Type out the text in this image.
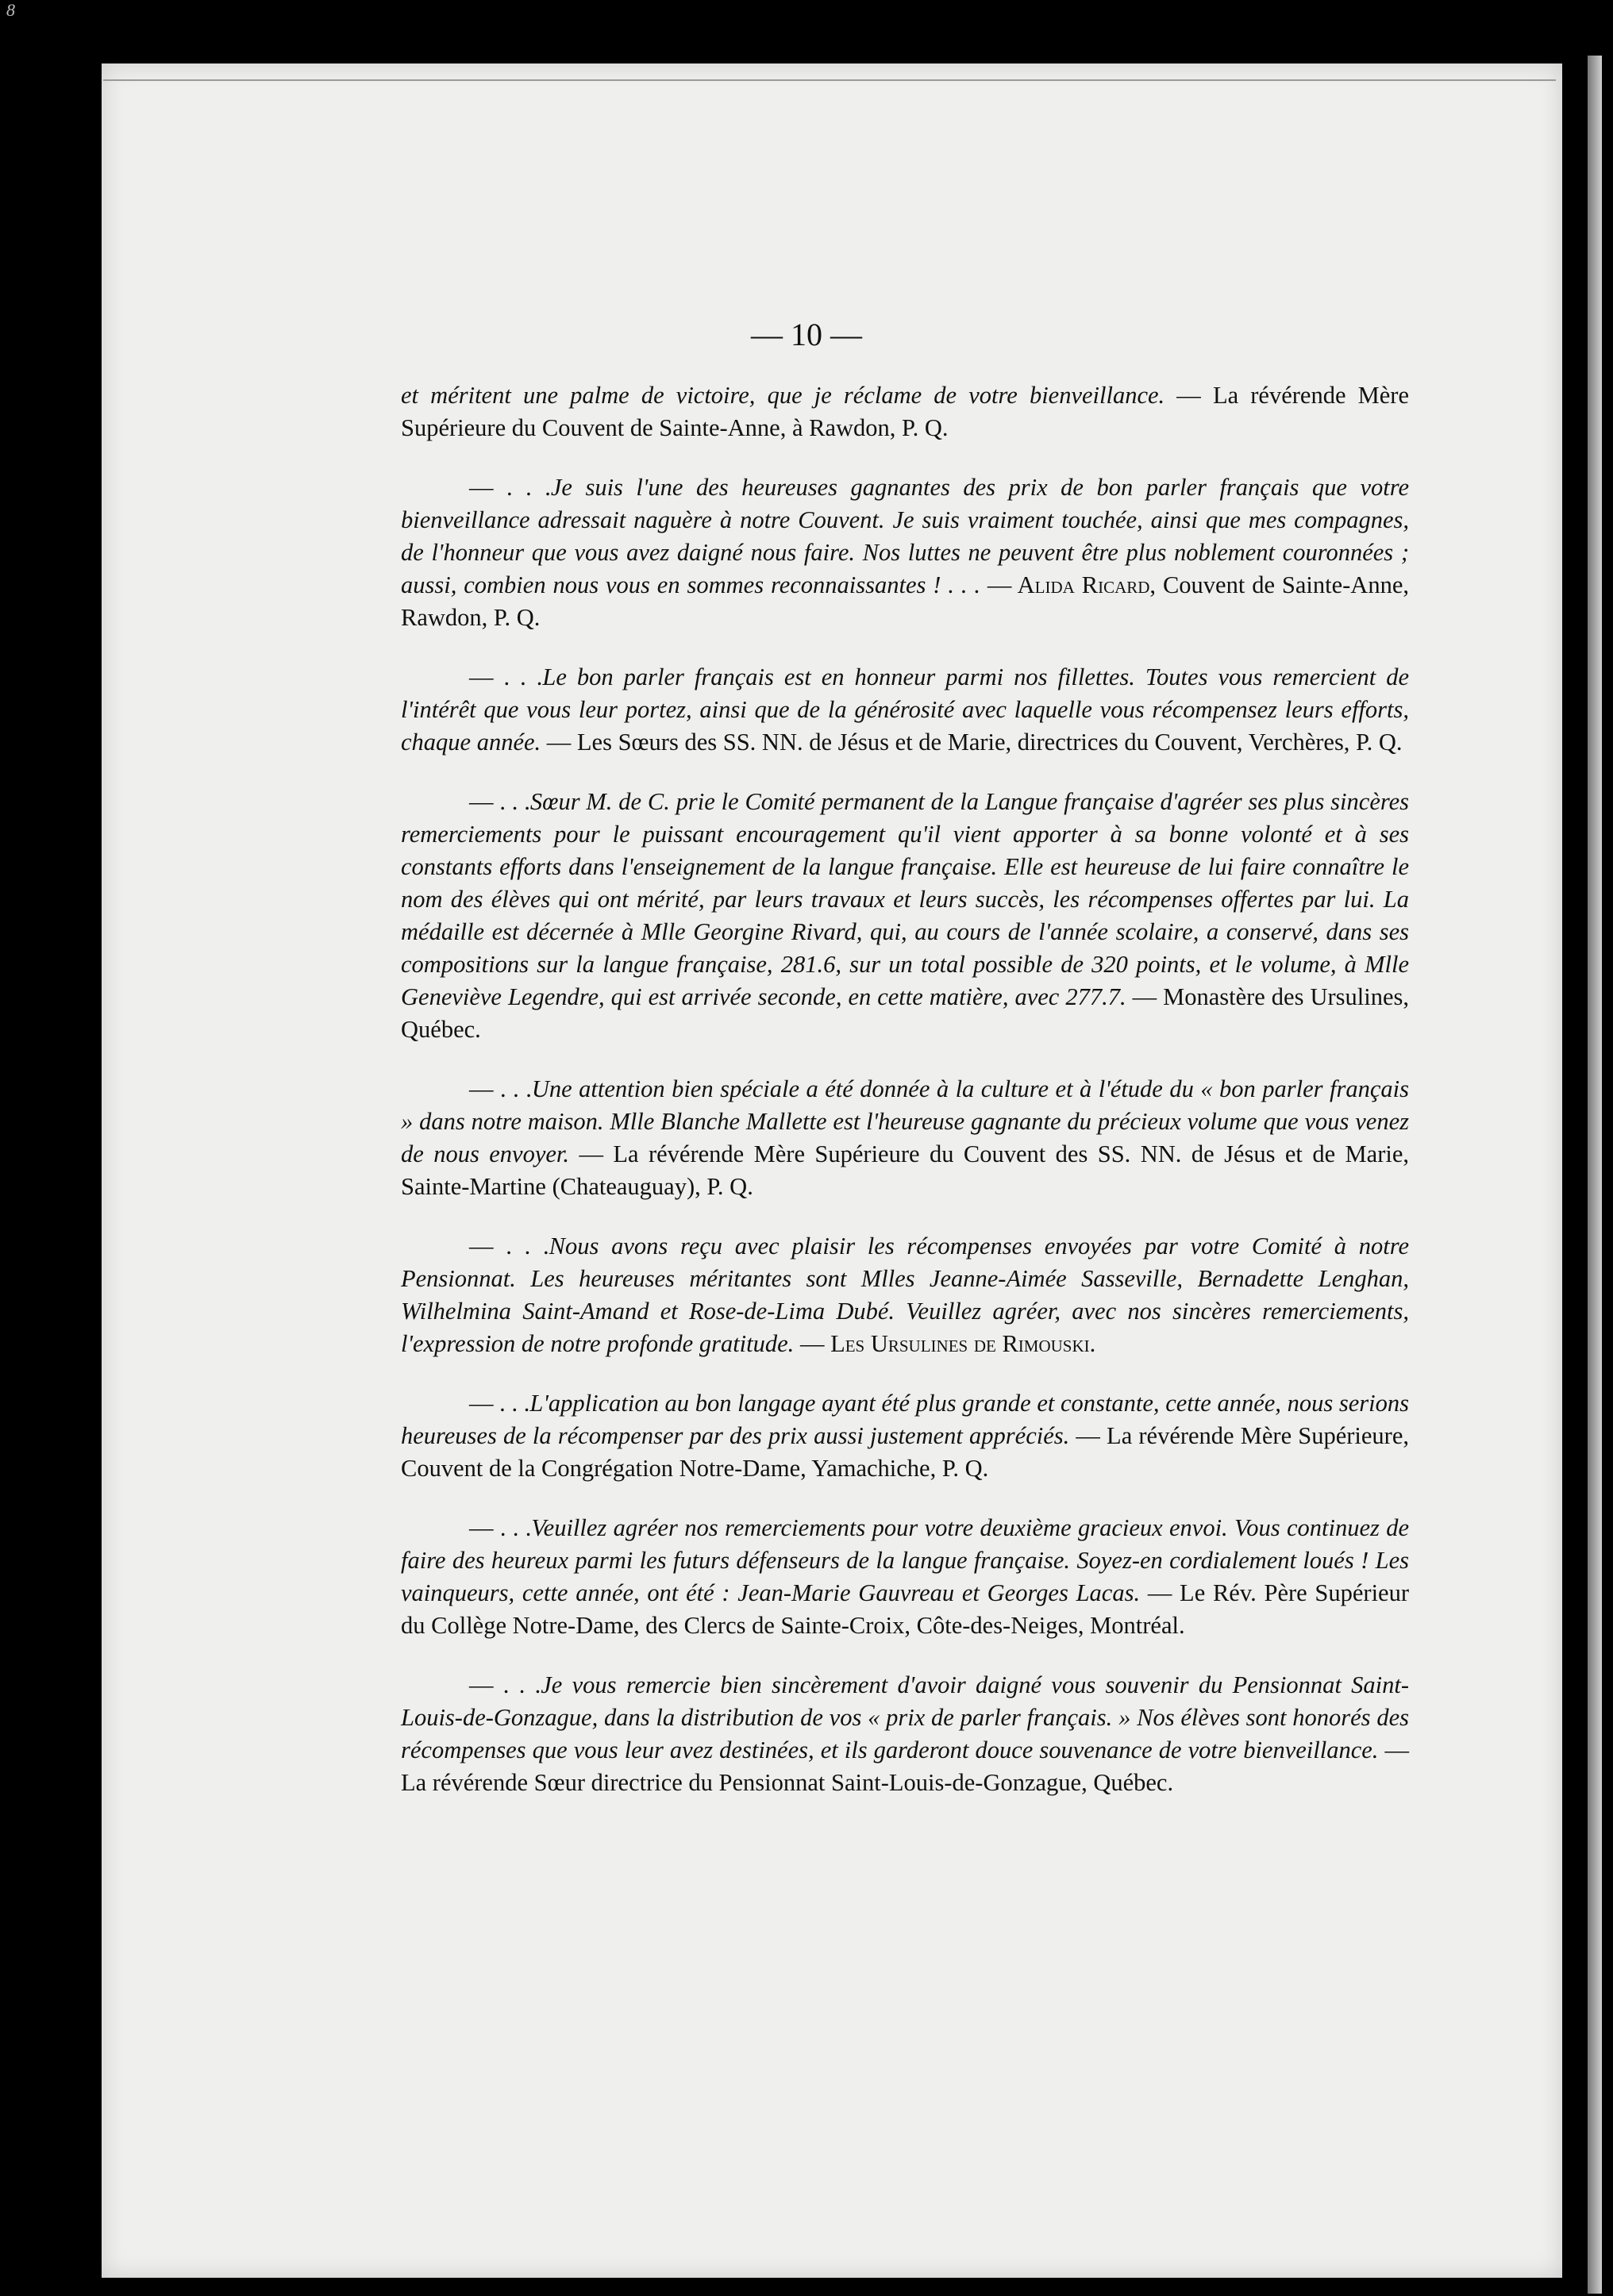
8
— 10 —

et méritent une palme de victoire, que je réclame de votre bienveillance. — La révérende Mère Supérieure du Couvent de Sainte-Anne, à Rawdon, P. Q.

— . . .Je suis l'une des heureuses gagnantes des prix de bon parler français que votre bienveillance adressait naguère à notre Couvent. Je suis vraiment touchée, ainsi que mes compagnes, de l'honneur que vous avez daigné nous faire. Nos luttes ne peuvent être plus noblement couronnées ; aussi, combien nous vous en sommes reconnaissantes ! . . . — Alida Ricard, Couvent de Sainte-Anne, Rawdon, P. Q.

— . . .Le bon parler français est en honneur parmi nos fillettes. Toutes vous remercient de l'intérêt que vous leur portez, ainsi que de la générosité avec laquelle vous récompensez leurs efforts, chaque année. — Les Sœurs des SS. NN. de Jésus et de Marie, directrices du Couvent, Verchères, P. Q.

— . . .Sœur M. de C. prie le Comité permanent de la Langue française d'agréer ses plus sincères remerciements pour le puissant encouragement qu'il vient apporter à sa bonne volonté et à ses constants efforts dans l'enseignement de la langue française. Elle est heureuse de lui faire connaître le nom des élèves qui ont mérité, par leurs travaux et leurs succès, les récompenses offertes par lui. La médaille est décernée à Mlle Georgine Rivard, qui, au cours de l'année scolaire, a conservé, dans ses compositions sur la langue française, 281.6, sur un total possible de 320 points, et le volume, à Mlle Geneviève Legendre, qui est arrivée seconde, en cette matière, avec 277.7. — Monastère des Ursulines, Québec.

— . . .Une attention bien spéciale a été donnée à la culture et à l'étude du « bon parler français » dans notre maison. Mlle Blanche Mallette est l'heureuse gagnante du précieux volume que vous venez de nous envoyer. — La révérende Mère Supérieure du Couvent des SS. NN. de Jésus et de Marie, Sainte-Martine (Chateauguay), P. Q.

— . . .Nous avons reçu avec plaisir les récompenses envoyées par votre Comité à notre Pensionnat. Les heureuses méritantes sont Mlles Jeanne-Aimée Sasseville, Bernadette Lenghan, Wilhelmina Saint-Amand et Rose-de-Lima Dubé. Veuillez agréer, avec nos sincères remerciements, l'expression de notre profonde gratitude. — Les Ursulines de Rimouski.

— . . .L'application au bon langage ayant été plus grande et constante, cette année, nous serions heureuses de la récompenser par des prix aussi justement appréciés. — La révérende Mère Supérieure, Couvent de la Congrégation Notre-Dame, Yamachiche, P. Q.

— . . .Veuillez agréer nos remerciements pour votre deuxième gracieux envoi. Vous continuez de faire des heureux parmi les futurs défenseurs de la langue française. Soyez-en cordialement loués ! Les vainqueurs, cette année, ont été : Jean-Marie Gauvreau et Georges Lacas. — Le Rév. Père Supérieur du Collège Notre-Dame, des Clercs de Sainte-Croix, Côte-des-Neiges, Montréal.

— . . .Je vous remercie bien sincèrement d'avoir daigné vous souvenir du Pensionnat Saint-Louis-de-Gonzague, dans la distribution de vos « prix de parler français. » Nos élèves sont honorés des récompenses que vous leur avez destinées, et ils garderont douce souvenance de votre bienveillance. — La révérende Sœur directrice du Pensionnat Saint-Louis-de-Gonzague, Québec.
